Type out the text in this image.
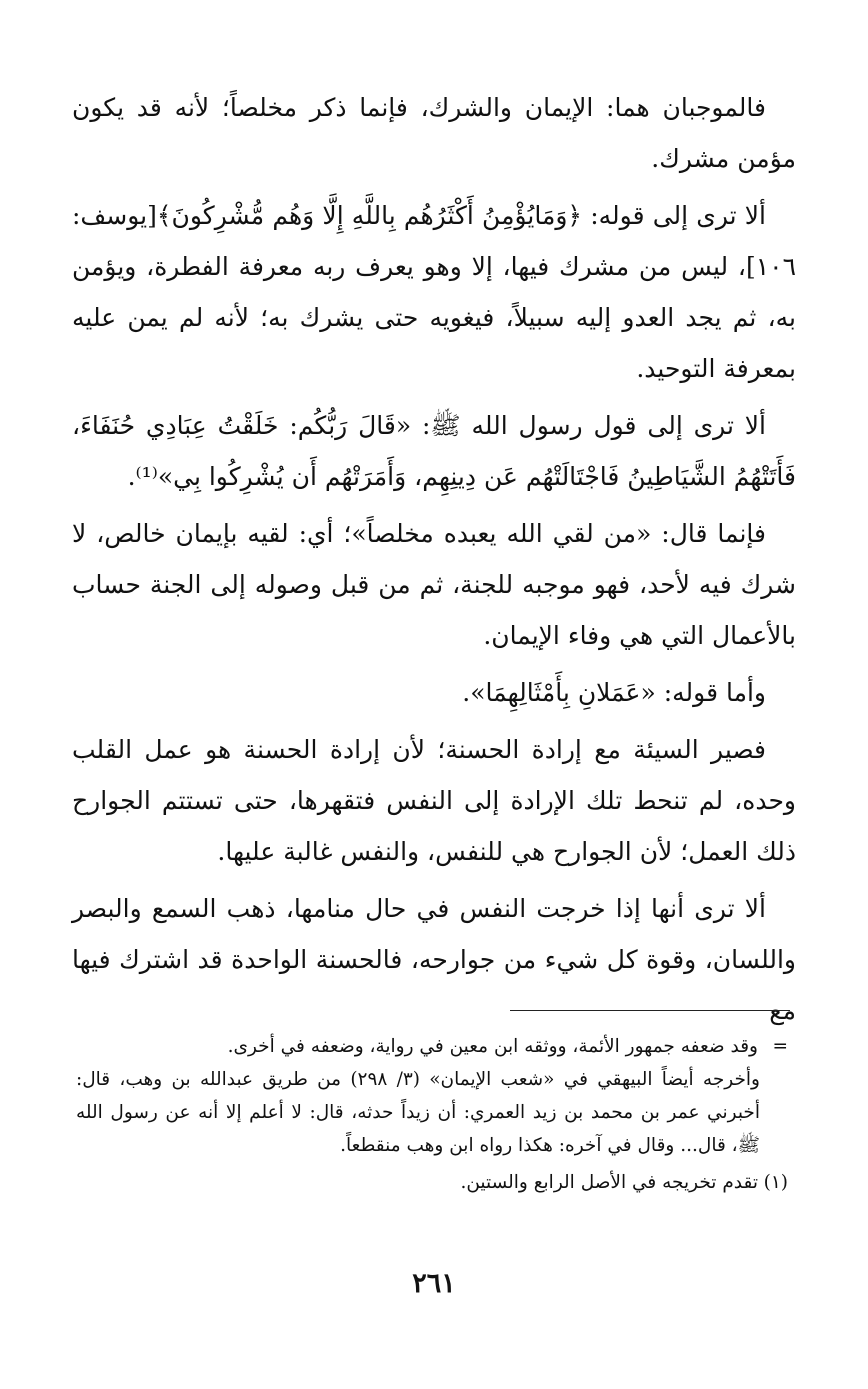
فالموجبان هما: الإيمان والشرك، فإنما ذكر مخلصاً؛ لأنه قد يكون مؤمن مشرك.

ألا ترى إلى قوله: ﴿وَمَايُؤْمِنُ أَكْثَرُهُم بِاللَّهِ إِلَّا وَهُم مُّشْرِكُونَ﴾[يوسف: ١٠٦]، ليس من مشرك فيها، إلا وهو يعرف ربه معرفة الفطرة، ويؤمن به، ثم يجد العدو إليه سبيلاً، فيغويه حتى يشرك به؛ لأنه لم يمن عليه بمعرفة التوحيد.

ألا ترى إلى قول رسول الله ﷺ: «قَالَ رَبُّكُم: خَلَقْتُ عِبَادِي حُنَفَاءَ، فَأَتَتْهُمُ الشَّيَاطِينُ فَاجْتَالَتْهُم عَن دِينِهِم، وَأَمَرَتْهُم أَن يُشْرِكُوا بِي»⁽¹⁾.

فإنما قال: «من لقي الله يعبده مخلصاً»؛ أي: لقيه بإيمان خالص، لا شرك فيه لأحد، فهو موجبه للجنة، ثم من قبل وصوله إلى الجنة حساب بالأعمال التي هي وفاء الإيمان.

وأما قوله: «عَمَلانِ بِأَمْثَالِهِمَا».

فصير السيئة مع إرادة الحسنة؛ لأن إرادة الحسنة هو عمل القلب وحده، لم تنحط تلك الإرادة إلى النفس فتقهرها، حتى تستتم الجوارح ذلك العمل؛ لأن الجوارح هي للنفس، والنفس غالبة عليها.

ألا ترى أنها إذا خرجت النفس في حال منامها، ذهب السمع والبصر واللسان، وقوة كل شيء من جوارحه، فالحسنة الواحدة قد اشترك فيها مع

=وقد ضعفه جمهور الأئمة، ووثقه ابن معين في رواية، وضعفه في أخرى.
وأخرجه أيضاً البيهقي في «شعب الإيمان» (٣/ ٢٩٨) من طريق عبدالله بن وهب، قال: أخبرني عمر بن محمد بن زيد العمري: أن زيداً حدثه، قال: لا أعلم إلا أنه عن رسول الله ﷺ، قال... وقال في آخره: هكذا رواه ابن وهب منقطعاً.
(١)تقدم تخريجه في الأصل الرابع والستين.
٢٦١
